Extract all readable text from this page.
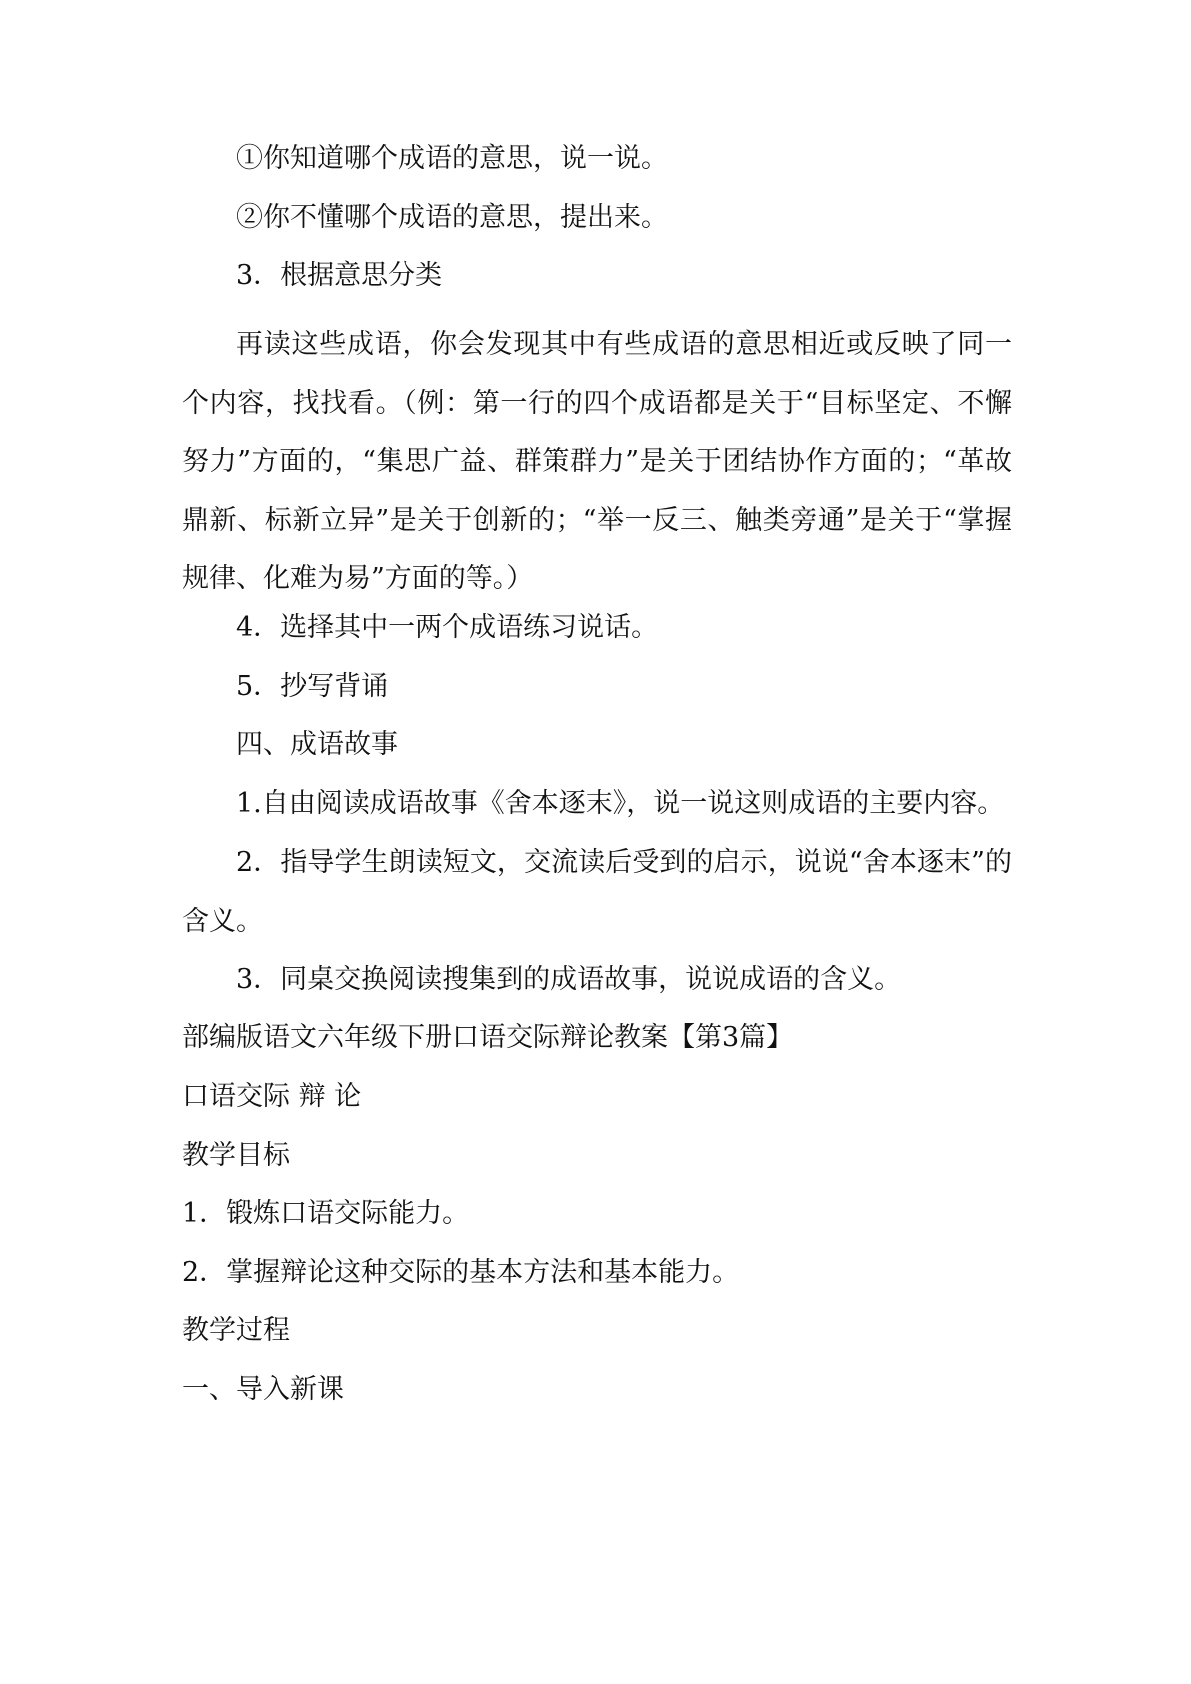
①你知道哪个成语的意思，说一说。

②你不懂哪个成语的意思，提出来。

3．根据意思分类

再读这些成语，你会发现其中有些成语的意思相近或反映了同一个内容，找找看。（例：第一行的四个成语都是关于“目标坚定、不懈努力”方面的，“集思广益、群策群力”是关于团结协作方面的；“革故鼎新、标新立异”是关于创新的；“举一反三、触类旁通”是关于“掌握规律、化难为易”方面的等。）

4．选择其中一两个成语练习说话。

5．抄写背诵

四、成语故事

1.自由阅读成语故事《舍本逐末》，说一说这则成语的主要内容。

2．指导学生朗读短文，交流读后受到的启示，说说“舍本逐末”的含义。

3．同桌交换阅读搜集到的成语故事，说说成语的含义。

部编版语文六年级下册口语交际辩论教案【第3篇】

口语交际 辩 论

教学目标

1．锻炼口语交际能力。

2．掌握辩论这种交际的基本方法和基本能力。

教学过程

一、导入新课
